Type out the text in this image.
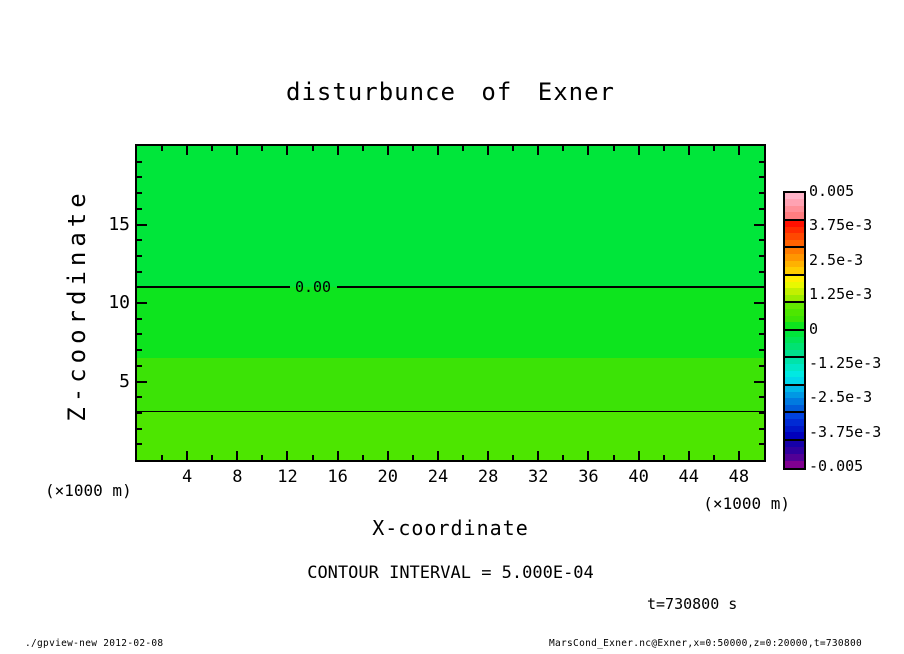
disturbunce of Exner
Z-coordinate	0.00
(×1000 m)
(×1000 m)
X-coordinate
CONTOUR INTERVAL = 5.000E-04
t=730800 s
./gpview-new 2012-02-08	MarsCond_Exner.nc@Exner,x=0:50000,z=0:20000,t=730800
4	8	12	16	20	24	28	32	36	40	44	48
5
10
15
0.005
3.75e-3
2.5e-3
1.25e-3
0
-1.25e-3
-2.5e-3
-3.75e-3
-0.005
